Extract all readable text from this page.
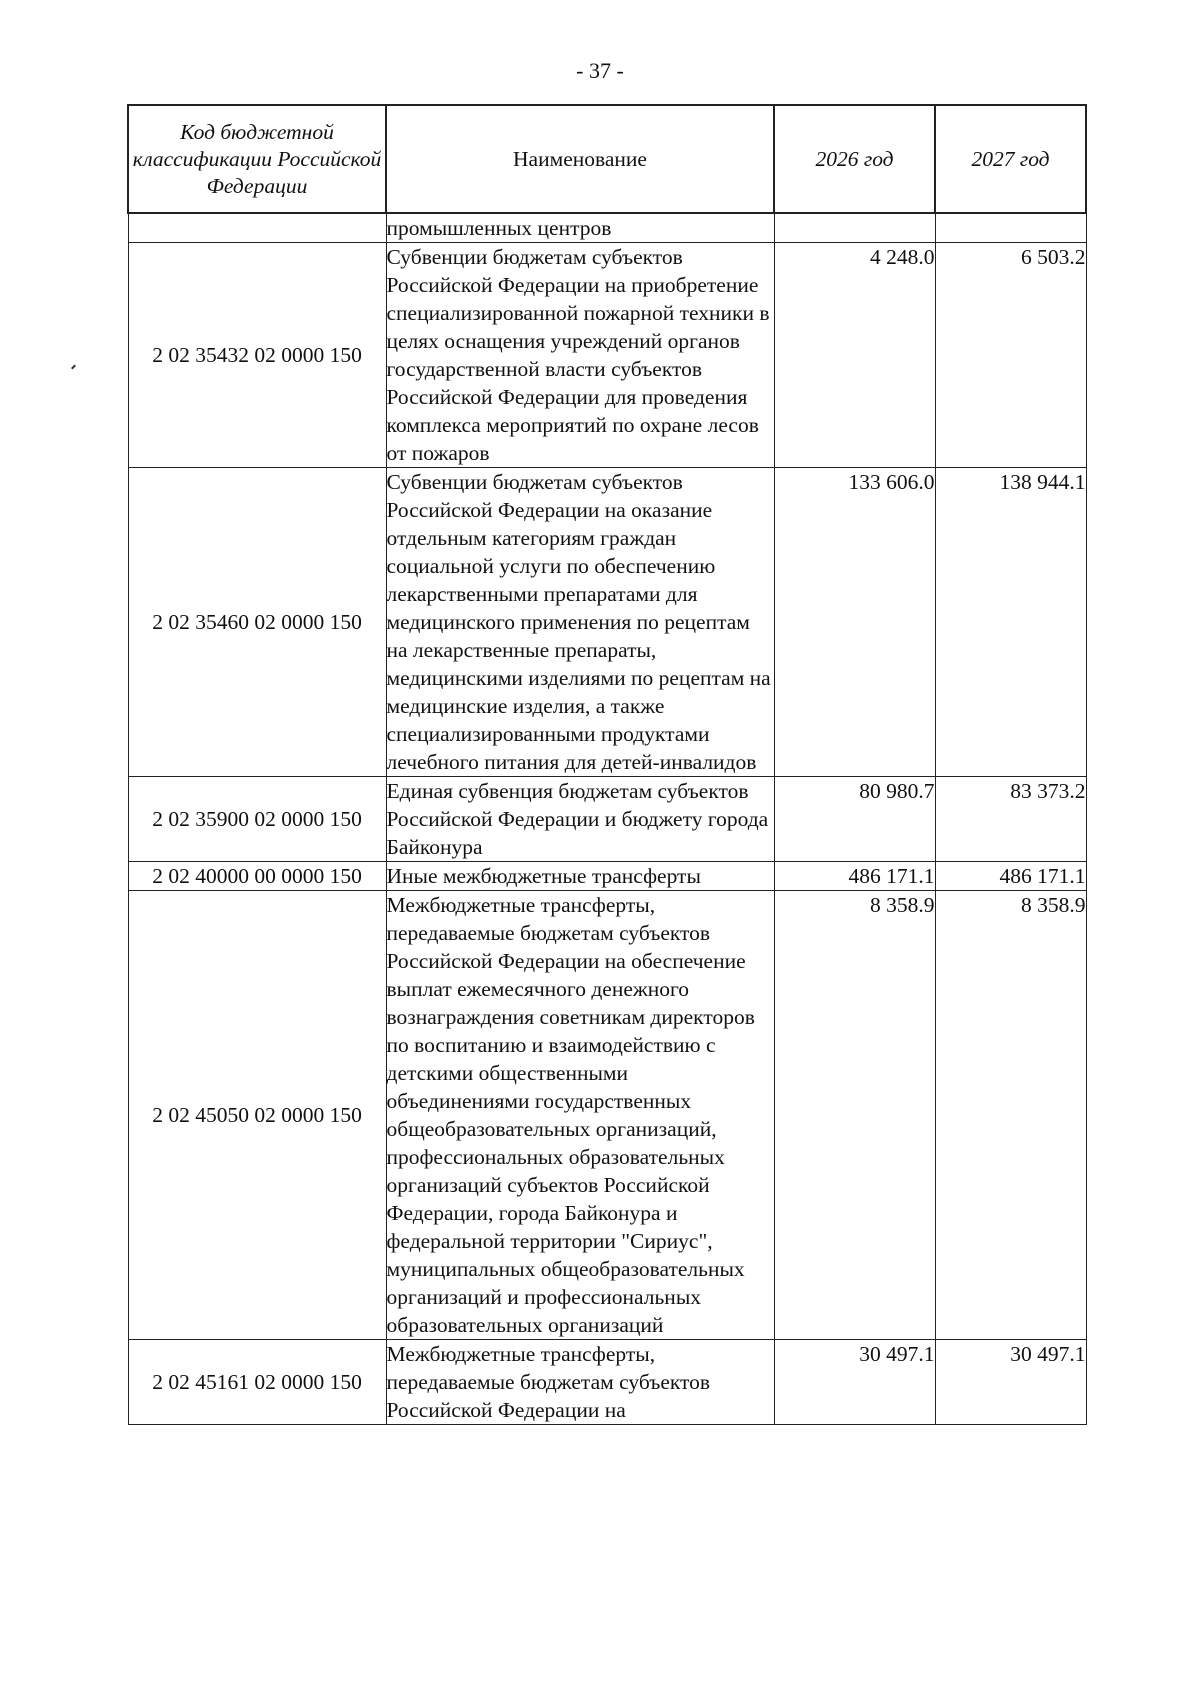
- 37 -
Код бюджетной классификации Российской Федерации	Наименование	2026 год	2027 год
	промышленных центров		
2 02 35432 02 0000 150	Субвенции бюджетам субъектов Российской Федерации на приобретение специализированной пожарной техники в целях оснащения учреждений органов государственной власти субъектов Российской Федерации для проведения комплекса мероприятий по охране лесов от пожаров	4 248.0	6 503.2
2 02 35460 02 0000 150	Субвенции бюджетам субъектов Российской Федерации на оказание отдельным категориям граждан социальной услуги по обеспечению лекарственными препаратами для медицинского применения по рецептам на лекарственные препараты, медицинскими изделиями по рецептам на медицинские изделия, а также специализированными продуктами лечебного питания для детей-инвалидов	133 606.0	138 944.1
2 02 35900 02 0000 150	Единая субвенция бюджетам субъектов Российской Федерации и бюджету города Байконура	80 980.7	83 373.2
2 02 40000 00 0000 150	Иные межбюджетные трансферты	486 171.1	486 171.1
2 02 45050 02 0000 150	Межбюджетные трансферты, передаваемые бюджетам субъектов Российской Федерации на обеспечение выплат ежемесячного денежного вознаграждения советникам директоров по воспитанию и взаимодействию с детскими общественными объединениями государственных общеобразовательных организаций, профессиональных образовательных организаций субъектов Российской Федерации, города Байконура и федеральной территории "Сириус", муниципальных общеобразовательных организаций и профессиональных образовательных организаций	8 358.9	8 358.9
2 02 45161 02 0000 150	Межбюджетные трансферты, передаваемые бюджетам субъектов Российской Федерации на	30 497.1	30 497.1
